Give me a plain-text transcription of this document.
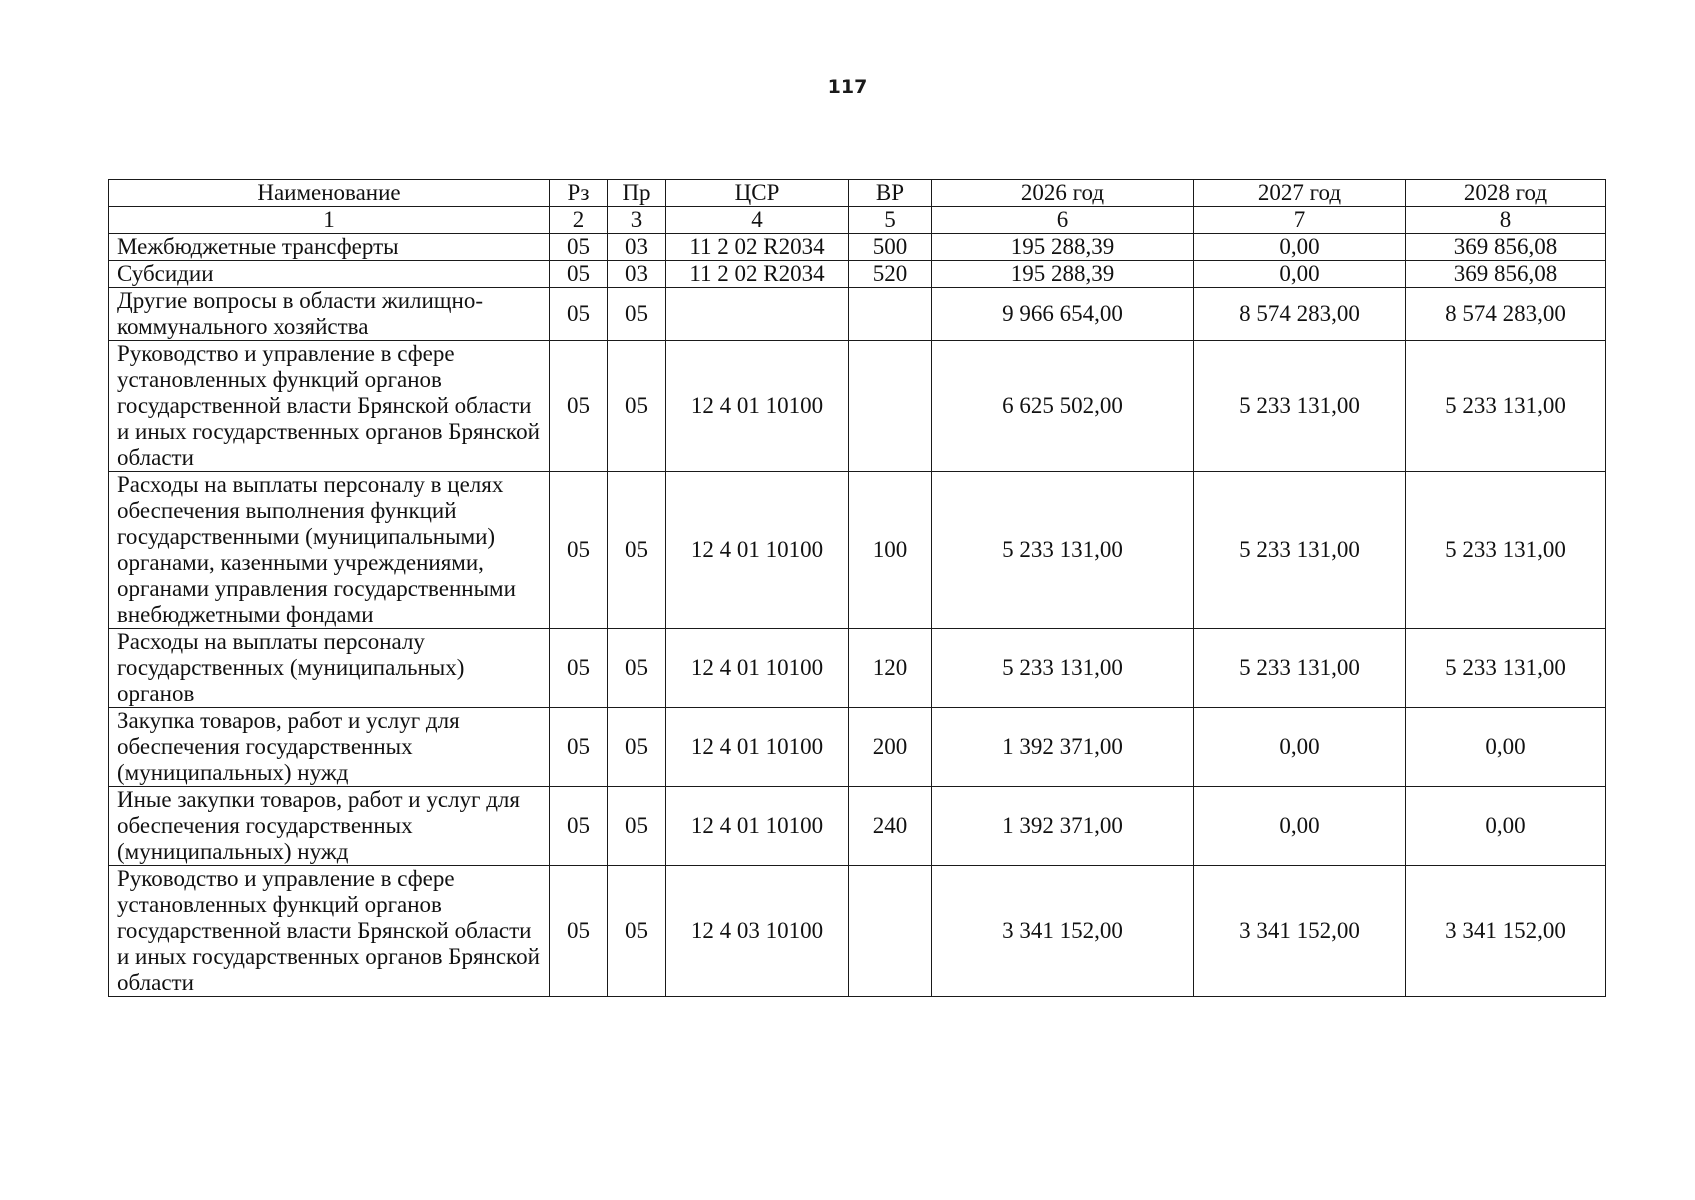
117
Наименование	Рз	Пр	ЦСР	ВР	2026 год	2027 год	2028 год
1	2	3	4	5	6	7	8
Межбюджетные трансферты	05	03	11 2 02 R2034	500	195 288,39	0,00	369 856,08
Субсидии	05	03	11 2 02 R2034	520	195 288,39	0,00	369 856,08
Другие вопросы в области жилищно-коммунального хозяйства	05	05			9 966 654,00	8 574 283,00	8 574 283,00
Руководство и управление в сфере установленных функций органов государственной власти Брянской области и иных государственных органов Брянской области	05	05	12 4 01 10100		6 625 502,00	5 233 131,00	5 233 131,00
Расходы на выплаты персоналу в целях обеспечения выполнения функций государственными (муниципальными) органами, казенными учреждениями, органами управления государственными внебюджетными фондами	05	05	12 4 01 10100	100	5 233 131,00	5 233 131,00	5 233 131,00
Расходы на выплаты персоналу государственных (муниципальных) органов	05	05	12 4 01 10100	120	5 233 131,00	5 233 131,00	5 233 131,00
Закупка товаров, работ и услуг для обеспечения государственных (муниципальных) нужд	05	05	12 4 01 10100	200	1 392 371,00	0,00	0,00
Иные закупки товаров, работ и услуг для обеспечения государственных (муниципальных) нужд	05	05	12 4 01 10100	240	1 392 371,00	0,00	0,00
Руководство и управление в сфере установленных функций органов государственной власти Брянской области и иных государственных органов Брянской области	05	05	12 4 03 10100		3 341 152,00	3 341 152,00	3 341 152,00
